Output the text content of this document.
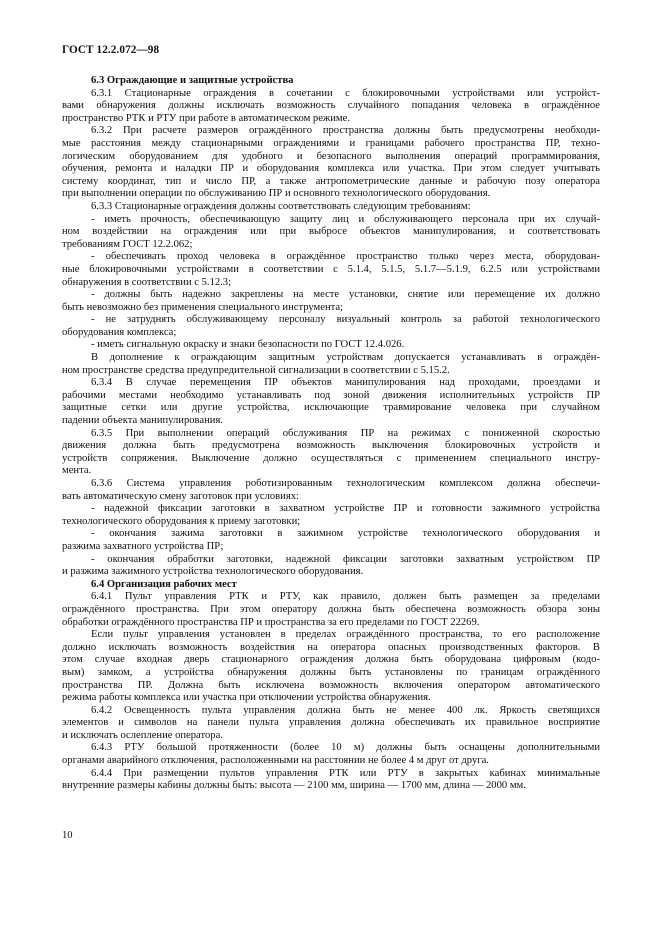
ГОСТ 12.2.072—98
6.3 Ограждающие и защитные устройства
6.3.1 Стационарные ограждения в сочетании с блокировочными устройствами или устройст-
вами обнаружения должны исключать возможность случайного попадания человека в ограждённое
пространство РТК и РТУ при работе в автоматическом режиме.
6.3.2 При расчете размеров ограждённого пространства должны быть предусмотрены необходи-
мые расстояния между стационарными ограждениями и границами рабочего пространства ПР, техно-
логическим оборудованием для удобного и безопасного выполнения операций программирования,
обучения, ремонта и наладки ПР и оборудования комплекса или участка. При этом следует учитывать
систему координат, тип и число ПР, а также антропометрические данные и рабочую позу оператора
при выполнении операции по обслуживанию ПР и основного технологического оборудования.
6.3.3 Стационарные ограждения должны соответствовать следующим требованиям:
- иметь прочность, обеспечивающую защиту лиц и обслуживающего персонала при их случай-
ном воздействии на ограждения или при выбросе объектов манипулирования, и соответствовать
требованиям ГОСТ 12.2.062;
- обеспечивать проход человека в ограждённое пространство только через места, оборудован-
ные блокировочными устройствами в соответствии с 5.1.4, 5.1.5, 5.1.7—5.1.9, 6.2.5 или устройствами
обнаружения в соответствии с 5.12.3;
- должны быть надежно закреплены на месте установки, снятие или перемещение их должно
быть невозможно без применения специального инструмента;
- не затруднять обслуживающему персоналу визуальный контроль за работой технологического
оборудования комплекса;
- иметь сигнальную окраску и знаки безопасности по ГОСТ 12.4.026.
В дополнение к ограждающим защитным устройствам допускается устанавливать в ограждён-
ном пространстве средства предупредительной сигнализации в соответствии с 5.15.2.
6.3.4 В случае перемещения ПР объектов манипулирования над проходами, проездами и
рабочими местами необходимо устанавливать под зоной движения исполнительных устройств ПР
защитные сетки или другие устройства, исключающие травмирование человека при случайном
падении объекта манипулирования.
6.3.5 При выполнении операций обслуживания ПР на режимах с пониженной скоростью
движения должна быть предусмотрена возможность выключения блокировочных устройств и
устройств сопряжения. Выключение должно осуществляться с применением специального инстру-
мента.
6.3.6 Система управления роботизированным технологическим комплексом должна обеспечи-
вать автоматическую смену заготовок при условиях:
- надежной фиксации заготовки в захватном устройстве ПР и готовности зажимного устройства
технологического оборудования к приему заготовки;
- окончания зажима заготовки в зажимном устройстве технологического оборудования и
разжима захватного устройства ПР;
- окончания обработки заготовки, надежной фиксации заготовки захватным устройством ПР
и разжима зажимного устройства технологического оборудования.
6.4 Организация рабочих мест
6.4.1 Пульт управления РТК и РТУ, как правило, должен быть размещен за пределами
ограждённого пространства. При этом оператору должна быть обеспечена возможность обзора зоны
обработки ограждённого пространства ПР и пространства за его пределами по ГОСТ 22269.
Если пульт управления установлен в пределах ограждённого пространства, то его расположение
должно исключать возможность воздействия на оператора опасных производственных факторов. В
этом случае входная дверь стационарного ограждения должна быть оборудована цифровым (кодо-
вым) замком, а устройства обнаружения должны быть установлены по границам ограждённого
пространства ПР. Должна быть исключена возможность включения оператором автоматического
режима работы комплекса или участка при отключении устройства обнаружения.
6.4.2 Освещенность пульта управления должна быть не менее 400 лк. Яркость светящихся
элементов и символов на панели пульта управления должна обеспечивать их правильное восприятие
и исключать ослепление оператора.
6.4.3 РТУ большой протяженности (более 10 м) должны быть оснащены дополнительными
органами аварийного отключения, расположенными на расстоянии не более 4 м друг от друга.
6.4.4 При размещении пультов управления РТК или РТУ в закрытых кабинах минимальные
внутренние размеры кабины должны быть: высота — 2100 мм, ширина — 1700 мм, длина — 2000 мм.
10
